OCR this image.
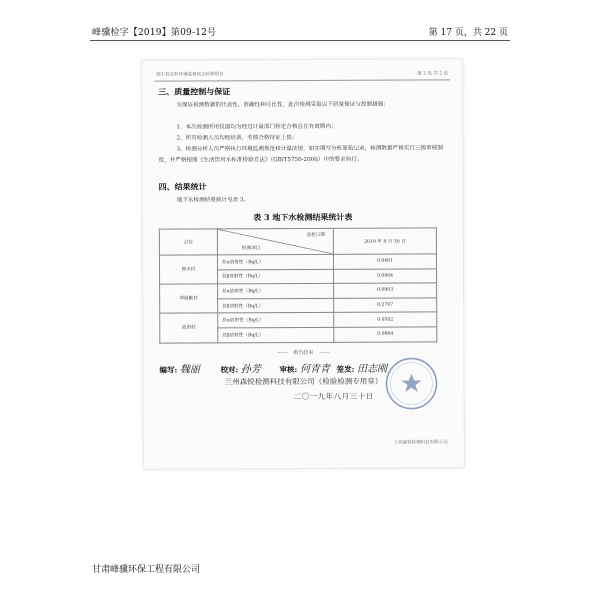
峰骥检字【2019】第09-12号	第 17 页，共 22 页
瑞丰县农村环境监督试点检测项目	第 2 页 共 2 页
三、质量控制与保证
为保证检测数据的代表性、准确性和可比性，此次检测采取以下质量保证与控制措施：
1、本次检测所用仪器均为经过计量部门检定合格且在有效期内；
2、所有检测人员均经培训、考核合格持证上岗；
3、检测分析人员严格执行环境监测规范和计量法规，如实填写分析原始记录，检测数据严格实行三级审核制度，并严格按照《生活饮用水标准检验方法》（GB/T5750-2006）中的要求执行。
四、结果统计
地下水检测结果统计见表 3。
表 3 地下水检测结果统计表
点位	送检日期
检测项目	2019 年 8 月 30 日
郎木村	总α放射性（Bq/L）	0.0481
	总β放射性（Bq/L）	0.0904
草坂献村	总α放射性（Bq/L）	0.0903
	总β放射性（Bq/L）	0.2767
波海村	总α放射性（Bq/L）	0.0502
	总β放射性（Bq/L）	0.0804
------ 报告结束 ------
编写: 魏丽	校对: 孙芳 审核: 何青青 签发: 田志刚
兰州森锐检测科技有限公司（检验检测专用章）
二〇一九年八月三十日
兰州森锐检测科技有限公司
甘肃峰骥环保工程有限公司
